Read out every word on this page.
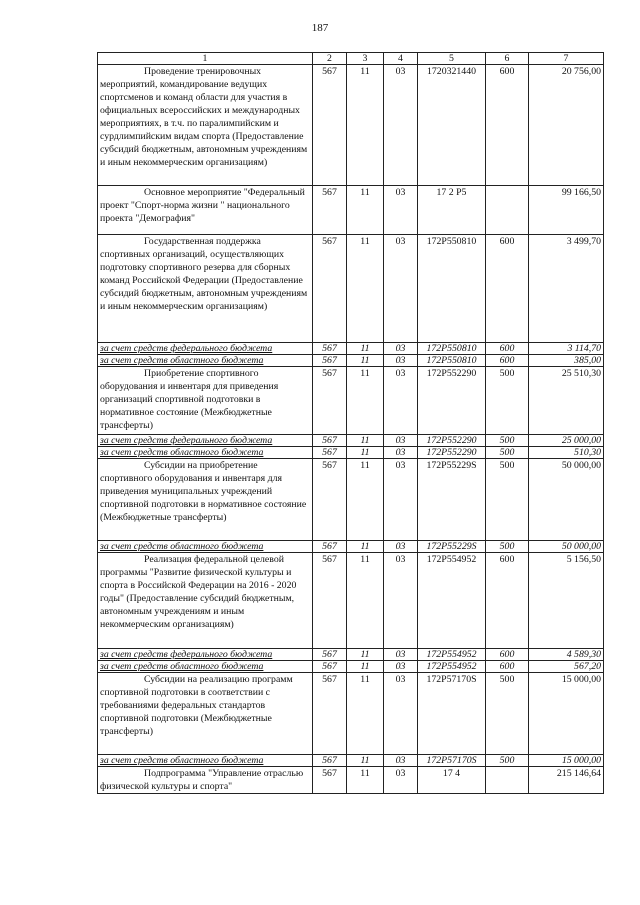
187
1	2	3	4	5	6	7

Проведение тренировочных мероприятий, командирование ведущих спортсменов и команд области для участия в официальных всероссийских и международных мероприятиях, в т.ч. по паралимпийским и сурдлимпийским видам спорта (Предоставление субсидий бюджетным, автономным учреждениям и иным некоммерческим организациям)	567	11	03	1720321440	600	20 756,00

Основное мероприятие "Федеральный проект "Спорт-норма жизни " национального проекта "Демография"	567	11	03	17 2 Р5		99 166,50

Государственная поддержка спортивных организаций, осуществляющих подготовку спортивного резерва для сборных команд Российской Федерации (Предоставление субсидий бюджетным, автономным учреждениям и иным некоммерческим организациям)	567	11	03	172Р550810	600	3 499,70
за счет средств федерального бюджета	567	11	03	172Р550810	600	3 114,70
за счет средств областного бюджета	567	11	03	172Р550810	600	385,00

Приобретение спортивного оборудования и инвентаря для приведения организаций спортивной подготовки в нормативное состояние (Межбюджетные трансферты)	567	11	03	172Р552290	500	25 510,30
за счет средств федерального бюджета	567	11	03	172Р552290	500	25 000,00
за счет средств областного бюджета	567	11	03	172Р552290	500	510,30

Субсидии на приобретение спортивного оборудования и инвентаря для приведения муниципальных учреждений спортивной подготовки в нормативное состояние (Межбюджетные трансферты)	567	11	03	172Р55229S	500	50 000,00
за счет средств областного бюджета	567	11	03	172Р55229S	500	50 000,00

Реализация федеральной целевой программы "Развитие физической культуры и спорта в Российской Федерации на 2016 - 2020 годы" (Предоставление субсидий бюджетным, автономным учреждениям и иным некоммерческим организациям)	567	11	03	172Р554952	600	5 156,50
за счет средств федерального бюджета	567	11	03	172Р554952	600	4 589,30
за счет средств областного бюджета	567	11	03	172Р554952	600	567,20

Субсидии на реализацию программ спортивной подготовки в соответствии с требованиями федеральных стандартов спортивной подготовки (Межбюджетные трансферты)	567	11	03	172Р57170S	500	15 000,00
за счет средств областного бюджета	567	11	03	172Р57170S	500	15 000,00

Подпрограмма "Управление отраслью физической культуры и спорта"	567	11	03	17 4		215 146,64
